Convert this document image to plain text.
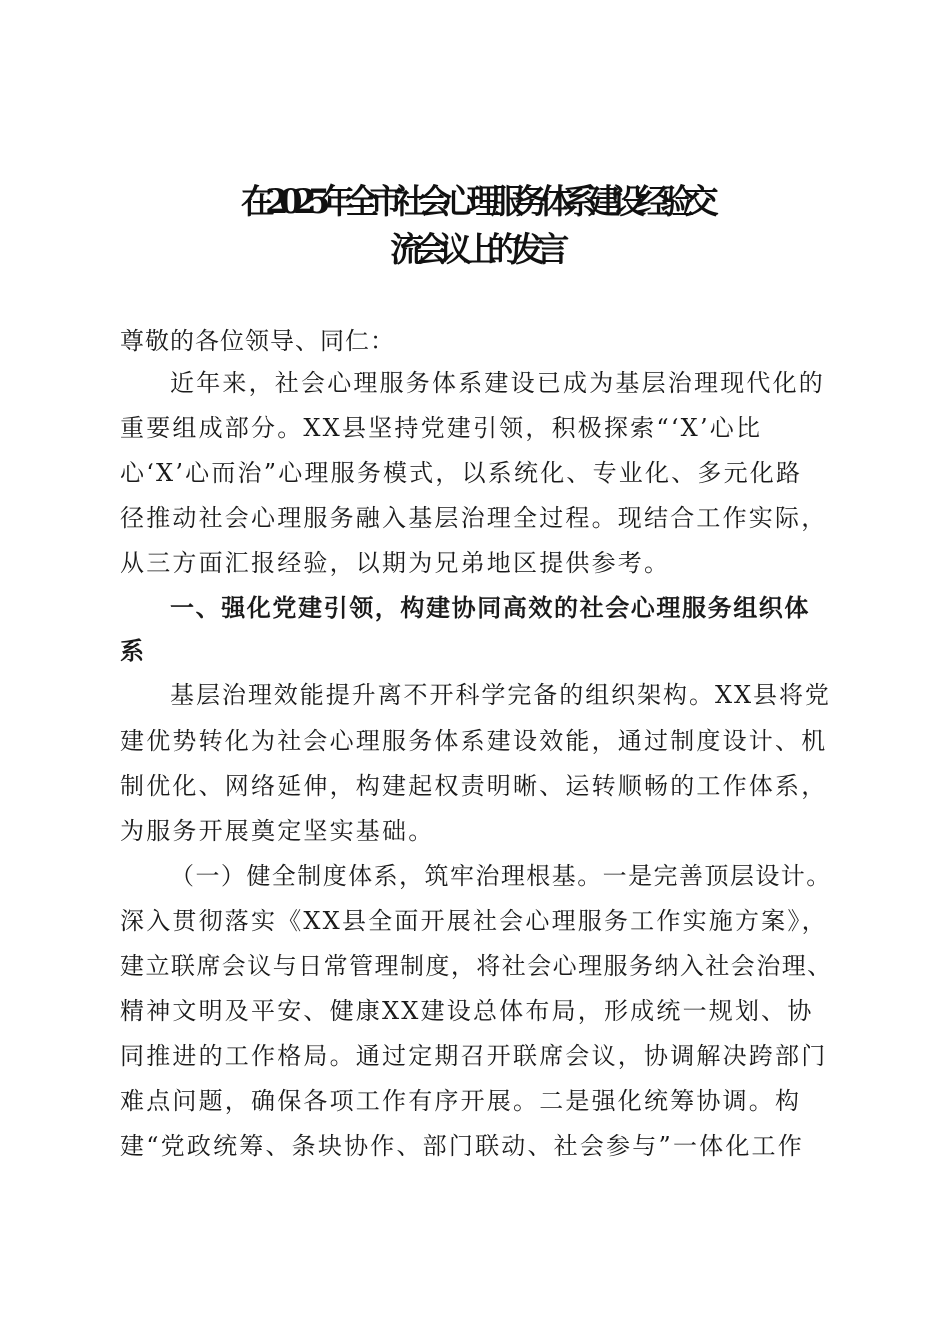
在2025年全市社会心理服务体系建设经验交
流会议上的发言
尊敬的各位领导、同仁：
近年来，社会心理服务体系建设已成为基层治理现代化的
重要组成部分。XX县坚持党建引领，积极探索“‘X’心比
心‘X’心而治”心理服务模式，以系统化、专业化、多元化路
径推动社会心理服务融入基层治理全过程。现结合工作实际，
从三方面汇报经验，以期为兄弟地区提供参考。
一、强化党建引领，构建协同高效的社会心理服务组织体
系
基层治理效能提升离不开科学完备的组织架构。XX县将党
建优势转化为社会心理服务体系建设效能，通过制度设计、机
制优化、网络延伸，构建起权责明晰、运转顺畅的工作体系，
为服务开展奠定坚实基础。
（一）健全制度体系，筑牢治理根基。一是完善顶层设计。
深入贯彻落实《XX县全面开展社会心理服务工作实施方案》，
建立联席会议与日常管理制度，将社会心理服务纳入社会治理、
精神文明及平安、健康XX建设总体布局，形成统一规划、协
同推进的工作格局。通过定期召开联席会议，协调解决跨部门
难点问题，确保各项工作有序开展。二是强化统筹协调。构
建“党政统筹、条块协作、部门联动、社会参与”一体化工作
